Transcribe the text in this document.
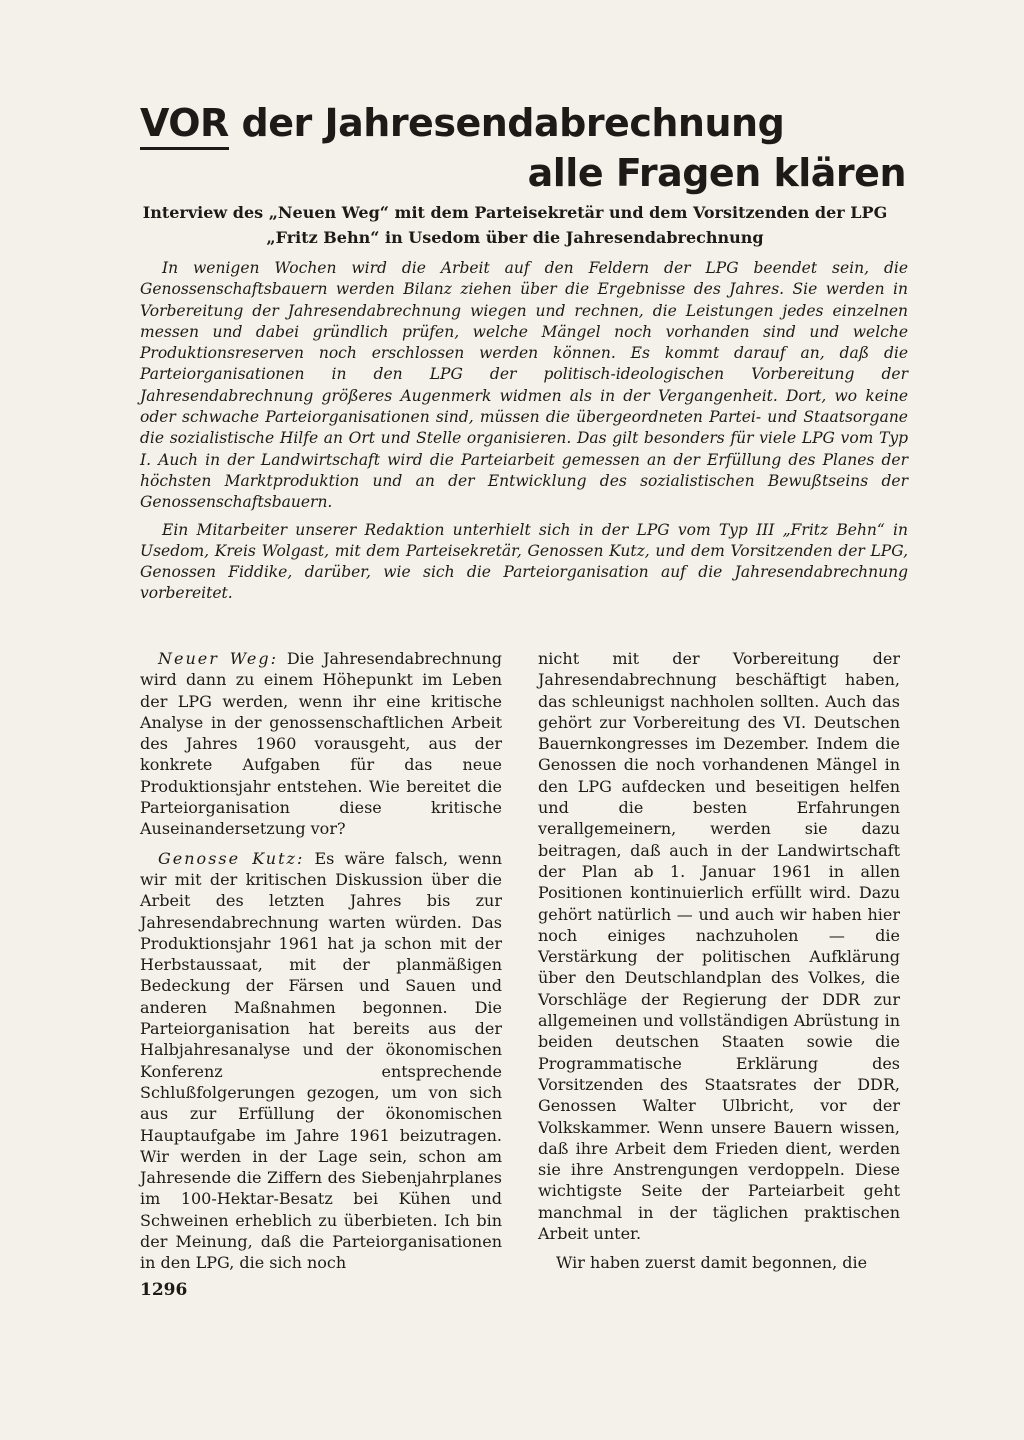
VOR der Jahresendabrechnung
alle Fragen klären
Interview des „Neuen Weg“ mit dem Parteisekretär und dem Vorsitzenden der LPG
„Fritz Behn“ in Usedom über die Jahresendabrechnung

In wenigen Wochen wird die Arbeit auf den Feldern der LPG beendet sein, die Genossenschaftsbauern werden Bilanz ziehen über die Ergebnisse des Jahres. Sie werden in Vorbereitung der Jahresendabrechnung wiegen und rechnen, die Leistungen jedes einzelnen messen und dabei gründlich prüfen, welche Mängel noch vorhanden sind und welche Produktionsreserven noch erschlossen werden können. Es kommt darauf an, daß die Parteiorganisationen in den LPG der politisch-ideologischen Vorbereitung der Jahresendabrechnung größeres Augenmerk widmen als in der Vergangenheit. Dort, wo keine oder schwache Parteiorganisationen sind, müssen die übergeordneten Partei- und Staatsorgane die sozialistische Hilfe an Ort und Stelle organisieren. Das gilt besonders für viele LPG vom Typ I. Auch in der Landwirtschaft wird die Parteiarbeit gemessen an der Erfüllung des Planes der höchsten Marktproduktion und an der Entwicklung des sozialistischen Bewußtseins der Genossenschaftsbauern.

Ein Mitarbeiter unserer Redaktion unterhielt sich in der LPG vom Typ III „Fritz Behn“ in Usedom, Kreis Wolgast, mit dem Parteisekretär, Genossen Kutz, und dem Vorsitzenden der LPG, Genossen Fiddike, darüber, wie sich die Parteiorganisation auf die Jahresendabrechnung vorbereitet.

Neuer Weg: Die Jahresendabrechnung wird dann zu einem Höhepunkt im Leben der LPG werden, wenn ihr eine kritische Analyse in der genossenschaftlichen Arbeit des Jahres 1960 vorausgeht, aus der konkrete Aufgaben für das neue Produktionsjahr entstehen. Wie bereitet die Parteiorganisation diese kritische Auseinandersetzung vor?

Genosse Kutz: Es wäre falsch, wenn wir mit der kritischen Diskussion über die Arbeit des letzten Jahres bis zur Jahresendabrechnung warten würden. Das Produktionsjahr 1961 hat ja schon mit der Herbstaussaat, mit der planmäßigen Bedeckung der Färsen und Sauen und anderen Maßnahmen begonnen. Die Parteiorganisation hat bereits aus der Halbjahresanalyse und der ökonomischen Konferenz entsprechende Schlußfolgerungen gezogen, um von sich aus zur Erfüllung der ökonomischen Hauptaufgabe im Jahre 1961 beizutragen. Wir werden in der Lage sein, schon am Jahresende die Ziffern des Siebenjahrplanes im 100-Hektar-Besatz bei Kühen und Schweinen erheblich zu überbieten. Ich bin der Meinung, daß die Parteiorganisationen in den LPG, die sich noch

nicht mit der Vorbereitung der Jahresendabrechnung beschäftigt haben, das schleunigst nachholen sollten. Auch das gehört zur Vorbereitung des VI. Deutschen Bauernkongresses im Dezember. Indem die Genossen die noch vorhandenen Mängel in den LPG aufdecken und beseitigen helfen und die besten Erfahrungen verallgemeinern, werden sie dazu beitragen, daß auch in der Landwirtschaft der Plan ab 1. Januar 1961 in allen Positionen kontinuierlich erfüllt wird. Dazu gehört natürlich — und auch wir haben hier noch einiges nachzuholen — die Verstärkung der politischen Aufklärung über den Deutschlandplan des Volkes, die Vorschläge der Regierung der DDR zur allgemeinen und vollständigen Abrüstung in beiden deutschen Staaten sowie die Programmatische Erklärung des Vorsitzenden des Staatsrates der DDR, Genossen Walter Ulbricht, vor der Volkskammer. Wenn unsere Bauern wissen, daß ihre Arbeit dem Frieden dient, werden sie ihre Anstrengungen verdoppeln. Diese wichtigste Seite der Parteiarbeit geht manchmal in der täglichen praktischen Arbeit unter.

Wir haben zuerst damit begonnen, die

1296
